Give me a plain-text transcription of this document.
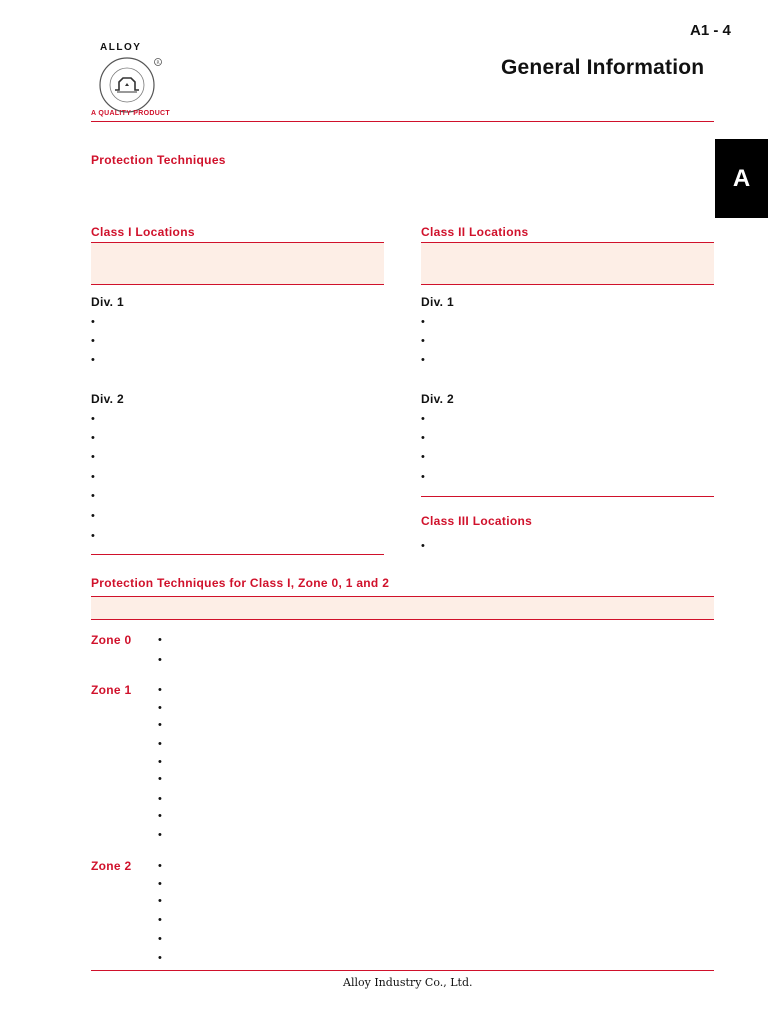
A1 - 4
General Information
ALLOY
R
A QUALITY PRODUCT
A
Protection Techniques
Class I Locations
Div. 1
•
•
•
Div. 2
•
•
•
•
•
•
•
Class II Locations
Div. 1
•
•
•
Div. 2
•
•
•
•
Class III Locations
•
Protection Techniques for Class I, Zone 0, 1 and 2
Zone 0 •
•
Zone 1 •
•
•
•
•
•
•
•
•
Zone 2 •
•
•
•
•
•
Alloy Industry Co., Ltd.
